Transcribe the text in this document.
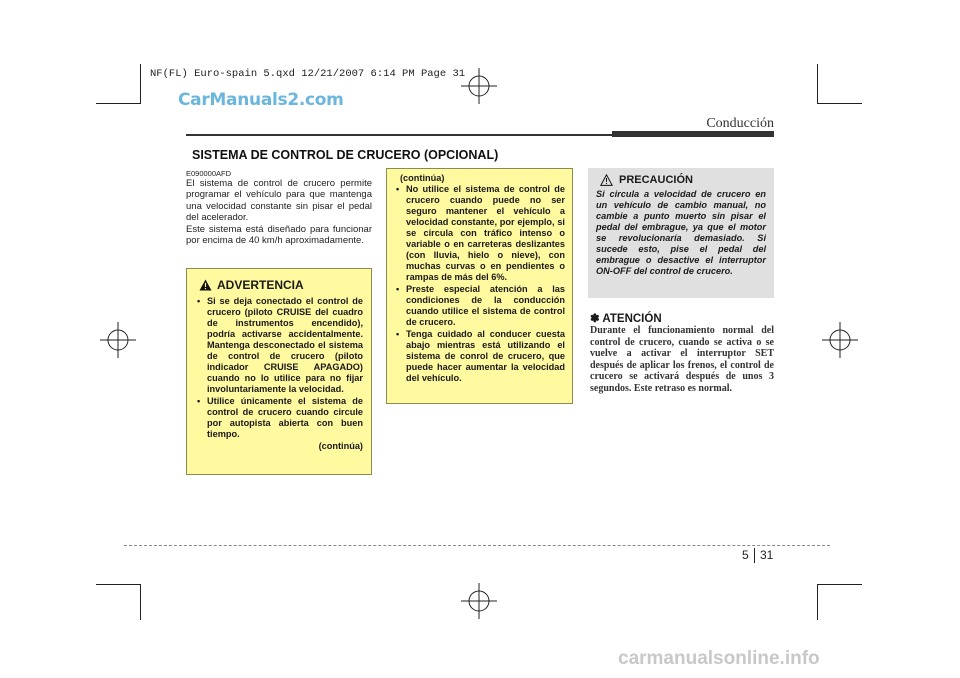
NF(FL) Euro-spain 5.qxd 12/21/2007 6:14 PM Page 31
CarManuals2.com
Conducción
SISTEMA DE CONTROL DE CRUCERO (OPCIONAL)
E090000AFD

El sistema de control de crucero permite programar el vehículo para que mantenga una velocidad constante sin pisar el pedal del acelerador.

Este sistema está diseñado para funcionar por encima de 40 km/h aproximadamente.

ADVERTENCIA
• Si se deja conectado el control de crucero (piloto CRUISE del cuadro de instrumentos encendido), podría activarse accidentalmente. Mantenga desconectado el sistema de control de crucero (piloto indicador CRUISE APAGADO) cuando no lo utilice para no fijar involuntariamente la velocidad.
• Utilice únicamente el sistema de control de crucero cuando circule por autopista abierta con buen tiempo.
(continúa)
(continúa)
• No utilice el sistema de control de crucero cuando puede no ser seguro mantener el vehículo a velocidad constante, por ejemplo, si se circula con tráfico intenso o variable o en carreteras deslizantes (con lluvia, hielo o nieve), con muchas curvas o en pendientes o rampas de más del 6%.
• Preste especial atención a las condiciones de la conducción cuando utilice el sistema de control de crucero.
• Tenga cuidado al conducer cuesta abajo mientras está utilizando el sistema de conrol de crucero, que puede hacer aumentar la velocidad del vehículo.
PRECAUCIÓN
Si circula a velocidad de crucero en un vehículo de cambio manual, no cambie a punto muerto sin pisar el pedal del embrague, ya que el motor se revolucionaría demasiado. Si sucede esto, pise el pedal del embrague o desactive el interruptor ON-OFF del control de crucero.
✽ ATENCIÓN
Durante el funcionamiento normal del control de crucero, cuando se activa o se vuelve a activar el interruptor SET después de aplicar los frenos, el control de crucero se activará después de unos 3 segundos. Este retraso es normal.
5 31
carmanualsonline.info
